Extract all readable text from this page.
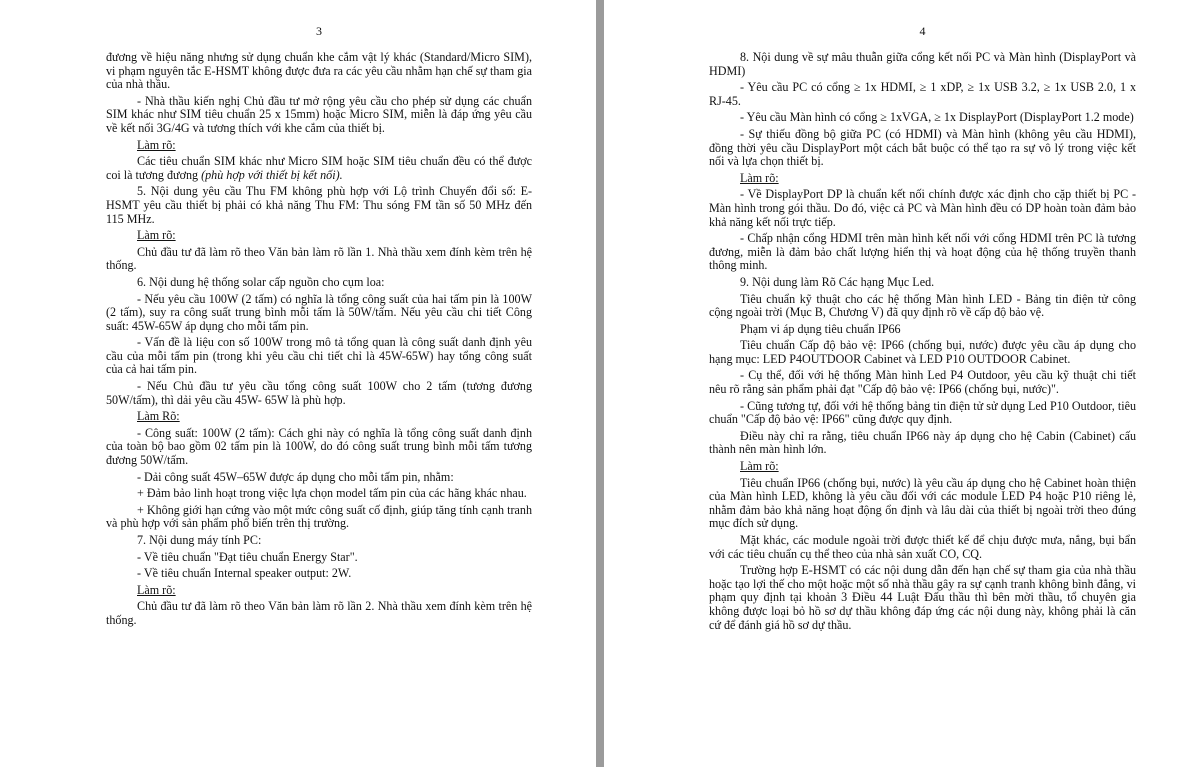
3

đương về hiệu năng nhưng sử dụng chuẩn khe cắm vật lý khác (Standard/Micro SIM), vi phạm nguyên tắc E-HSMT không được đưa ra các yêu cầu nhằm hạn chế sự tham gia của nhà thầu.

- Nhà thầu kiến nghị Chủ đầu tư mở rộng yêu cầu cho phép sử dụng các chuẩn SIM khác như SIM tiêu chuẩn 25 x 15mm) hoặc Micro SIM, miễn là đáp ứng yêu cầu về kết nối 3G/4G và tương thích với khe cắm của thiết bị.

Làm rõ:

Các tiêu chuẩn SIM khác như Micro SIM hoặc SIM tiêu chuẩn đều có thể được coi là tương đương (phù hợp với thiết bị kết nối).

5. Nội dung yêu cầu Thu FM không phù hợp với Lộ trình Chuyển đổi số: E-HSMT yêu cầu thiết bị phải có khả năng Thu FM: Thu sóng FM tần số 50 MHz đến 115 MHz.

Làm rõ:

Chủ đầu tư đã làm rõ theo Văn bản làm rõ lần 1. Nhà thầu xem đính kèm trên hệ thống.

6. Nội dung hệ thống solar cấp nguồn cho cụm loa:

- Nếu yêu cầu 100W (2 tấm) có nghĩa là tổng công suất của hai tấm pin là 100W (2 tấm), suy ra công suất trung bình mỗi tấm là 50W/tấm. Nếu yêu cầu chi tiết Công suất: 45W-65W áp dụng cho mỗi tấm pin.

- Vấn đề là liệu con số 100W trong mô tả tổng quan là công suất danh định yêu cầu của mỗi tấm pin (trong khi yêu cầu chi tiết chỉ là 45W-65W) hay tổng công suất của cả hai tấm pin.

- Nếu Chủ đầu tư yêu cầu tổng công suất 100W cho 2 tấm (tương đương 50W/tấm), thì dải yêu cầu 45W- 65W là phù hợp.

Làm Rõ:

- Công suất: 100W (2 tấm): Cách ghi này có nghĩa là tổng công suất danh định của toàn bộ bao gồm 02 tấm pin là 100W, do đó công suất trung bình mỗi tấm tương đương 50W/tấm.

- Dải công suất 45W–65W được áp dụng cho mỗi tấm pin, nhằm:

+ Đảm bảo linh hoạt trong việc lựa chọn model tấm pin của các hãng khác nhau.

+ Không giới hạn cứng vào một mức công suất cố định, giúp tăng tính cạnh tranh và phù hợp với sản phẩm phổ biến trên thị trường.

7. Nội dung máy tính PC:

- Về tiêu chuẩn "Đạt tiêu chuẩn Energy Star".

- Về tiêu chuẩn Internal speaker output: 2W.

Làm rõ:

Chủ đầu tư đã làm rõ theo Văn bản làm rõ lần 2. Nhà thầu xem đính kèm trên hệ thống.

4

8. Nội dung về sự mâu thuẫn giữa cổng kết nối PC và Màn hình (DisplayPort và HDMI)

- Yêu cầu PC có cổng ≥ 1x HDMI, ≥ 1 xDP, ≥ 1x USB 3.2, ≥ 1x USB 2.0, 1 x RJ-45.

- Yêu cầu Màn hình có cổng ≥ 1xVGA, ≥ 1x DisplayPort (DisplayPort 1.2 mode)

- Sự thiếu đồng bộ giữa PC (có HDMI) và Màn hình (không yêu cầu HDMI), đồng thời yêu cầu DisplayPort một cách bắt buộc có thể tạo ra sự vô lý trong việc kết nối và lựa chọn thiết bị.

Làm rõ:

- Về DisplayPort DP là chuẩn kết nối chính được xác định cho cặp thiết bị PC - Màn hình trong gói thầu. Do đó, việc cả PC và Màn hình đều có DP hoàn toàn đảm bảo khả năng kết nối trực tiếp.

- Chấp nhận cổng HDMI trên màn hình kết nối với cổng HDMI trên PC là tương đương, miễn là đảm bảo chất lượng hiển thị và hoạt động của hệ thống truyền thanh thông minh.

9. Nội dung làm Rõ Các hạng Mục Led.

Tiêu chuẩn kỹ thuật cho các hệ thống Màn hình LED - Bảng tin điện tử công cộng ngoài trời (Mục B, Chương V) đã quy định rõ về cấp độ bảo vệ.

Phạm vi áp dụng tiêu chuẩn IP66

Tiêu chuẩn Cấp độ bảo vệ: IP66 (chống bụi, nước) được yêu cầu áp dụng cho hạng mục: LED P4OUTDOOR Cabinet và LED P10 OUTDOOR Cabinet.

- Cụ thể, đối với hệ thống Màn hình Led P4 Outdoor, yêu cầu kỹ thuật chi tiết nêu rõ rằng sản phẩm phải đạt "Cấp độ bảo vệ: IP66 (chống bụi, nước)".

- Cũng tương tự, đối với hệ thống bảng tin điện tử sử dụng Led P10 Outdoor, tiêu chuẩn "Cấp độ bảo vệ: IP66" cũng được quy định.

Điều này chỉ ra rằng, tiêu chuẩn IP66 này áp dụng cho hệ Cabin (Cabinet) cấu thành nên màn hình lớn.

Làm rõ:

Tiêu chuẩn IP66 (chống bụi, nước) là yêu cầu áp dụng cho hệ Cabinet hoàn thiện của Màn hình LED, không là yêu cầu đối với các module LED P4 hoặc P10 riêng lẻ, nhằm đảm bảo khả năng hoạt động ổn định và lâu dài của thiết bị ngoài trời theo đúng mục đích sử dụng.

Mặt khác, các module ngoài trời được thiết kế để chịu được mưa, nắng, bụi bẩn với các tiêu chuẩn cụ thể theo của nhà sản xuất CO, CQ.

Trường hợp E-HSMT có các nội dung dẫn đến hạn chế sự tham gia của nhà thầu hoặc tạo lợi thế cho một hoặc một số nhà thầu gây ra sự cạnh tranh không bình đẳng, vi phạm quy định tại khoản 3 Điều 44 Luật Đấu thầu thì bên mời thầu, tổ chuyên gia không được loại bỏ hồ sơ dự thầu không đáp ứng các nội dung này, không phải là căn cứ để đánh giá hồ sơ dự thầu.
